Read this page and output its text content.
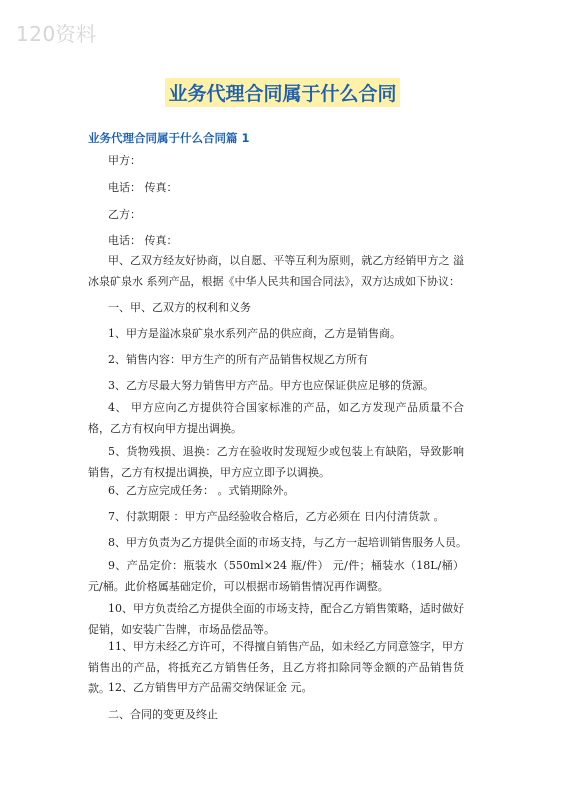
120资料
业务代理合同属于什么合同
业务代理合同属于什么合同篇 1
甲方：
电话： 传真：
乙方：
电话： 传真：
甲、乙双方经友好协商，以自愿、平等互利为原则，就乙方经销甲方之 溢冰泉矿泉水 系列产品，根据《中华人民共和国合同法》，双方达成如下协议：
一、甲、乙双方的权利和义务
1、甲方是溢冰泉矿泉水系列产品的供应商，乙方是销售商。
2、销售内容：甲方生产的所有产品销售权规乙方所有
3、乙方尽最大努力销售甲方产品。甲方也应保证供应足够的货源。
4、 甲方应向乙方提供符合国家标准的产品，如乙方发现产品质量不合格，乙方有权向甲方提出调换。
5、货物残损、退换：乙方在验收时发现短少或包装上有缺陷，导致影响销售，乙方有权提出调换，甲方应立即予以调换。
6、乙方应完成任务： 。式销期除外。
7、付款期限 ：甲方产品经验收合格后，乙方必须在 日内付清货款 。
8、甲方负责为乙方提供全面的市场支持，与乙方一起培训销售服务人员。
9、产品定价：瓶装水（550ml×24 瓶/件） 元/件；桶装水（18L/桶） 元/桶。此价格属基础定价，可以根据市场销售情况再作调整。
10、甲方负责给乙方提供全面的市场支持，配合乙方销售策略，适时做好促销，如安装广告牌，市场品偿品等。
11、甲方未经乙方许可，不得擅自销售产品，如未经乙方同意签字，甲方销售出的产品，将抵充乙方销售任务，且乙方将扣除同等金额的产品销售货款。
12、乙方销售甲方产品需交纳保证金 元。
二、合同的变更及终止
